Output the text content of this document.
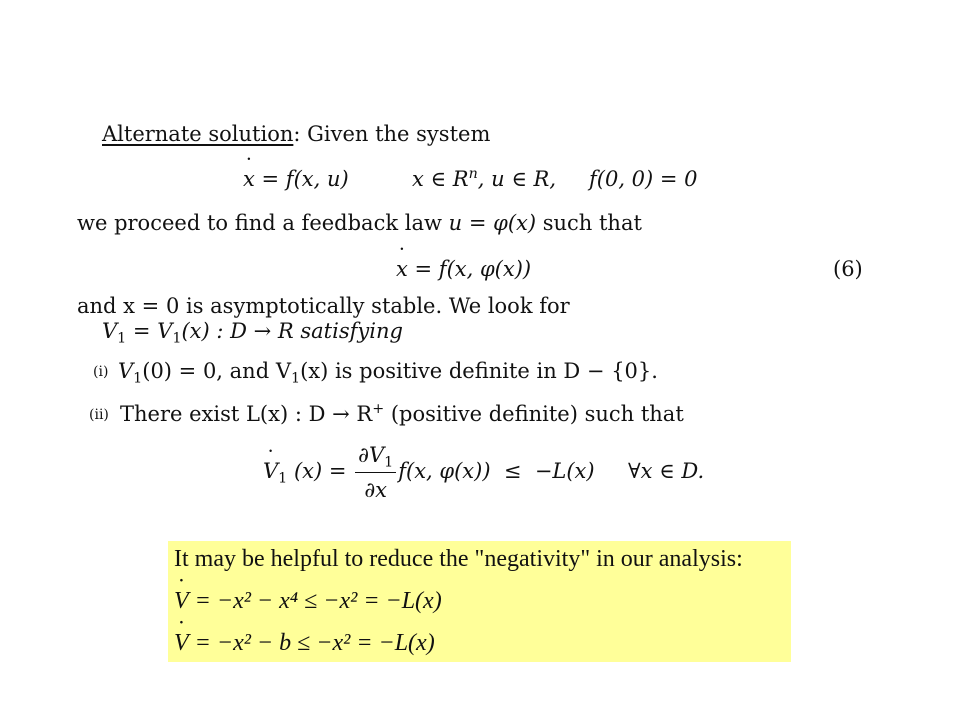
Alternate solution: Given the system
x ˙ = f(x, u)	x ∈ $R^n$, u ∈ R, f(0, 0) = 0
we proceed to find a feedback law u = φ(x) such that
x ˙ = f(x, φ(x))	(6)
and x = 0 is asymptotically stable. We look for
$V_1 = V_1(x)$ : D → R satisfying
(i) $V_1(0) = 0$, and $V_1(x)$ is positive definite in D − {0}.
(ii) There exist L(x) : D → R+ (positive definite) such that
V $˙_1$ $(x) = \frac{\partial V_1}{\partial x} f(x$, φ(x))  ≤  −L(x)     ∀x ∈ D.
It may be helpful to reduce the "negativity" in our analysis:
V ˙ = −x² − x⁴ ≤ −x² = −L(x)
V ˙ = −x² − b ≤ −x² = −L(x)
